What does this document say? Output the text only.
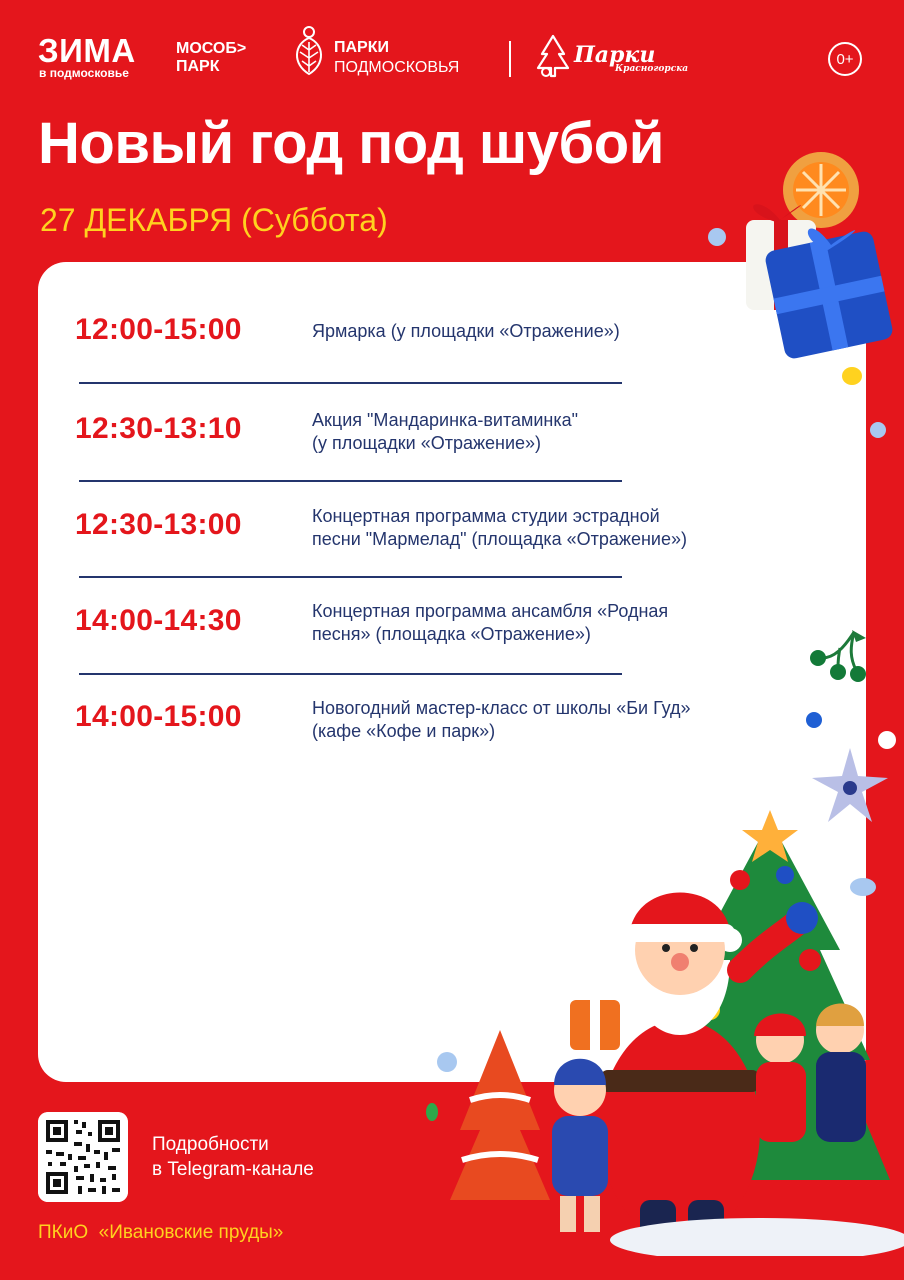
ЗИМА
в подмосковье
МОСОБ>
ПАРК
ПАРКИ
ПОДМОСКОВЬЯ	Парки
Красногорска
0+
Новый год под шубой
27 ДЕКАБРЯ (Суббота)
12:00-15:00	Ярмарка (у площадки «Отражение»)
12:30-13:10	Акция "Мандаринка-витаминка"
(у площадки «Отражение»)
12:30-13:00	Концертная программа студии эстрадной
песни "Мармелад" (площадка «Отражение»)
14:00-14:30	Концертная программа ансамбля «Родная
песня» (площадка «Отражение»)
14:00-15:00	Новогодний мастер-класс от школы «Би Гуд»
(кафе «Кофе и парк»)
Подробности
в Telegram-канале
ПКиО  «Ивановские пруды»
